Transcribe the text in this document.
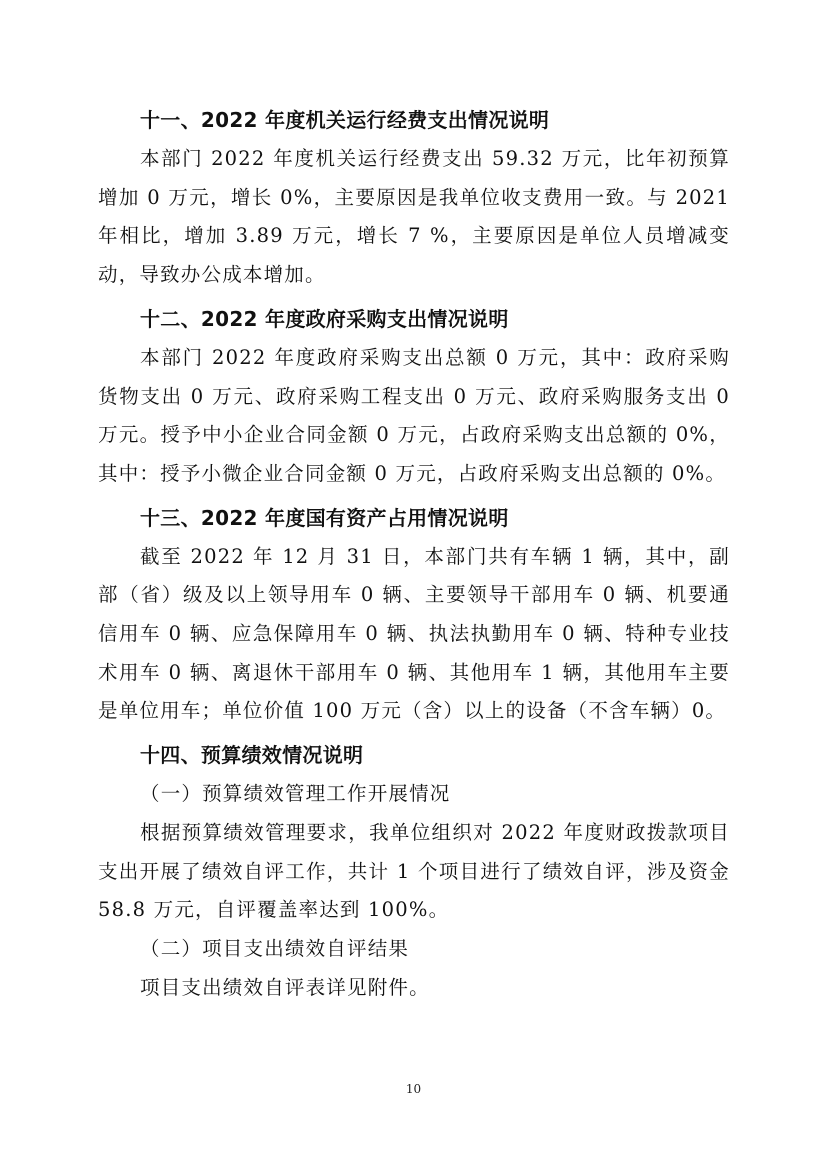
十一、2022 年度机关运行经费支出情况说明

本部门 2022 年度机关运行经费支出 59.32 万元，比年初预算增加 0 万元，增长 0%，主要原因是我单位收支费用一致。与 2021 年相比，增加 3.89 万元，增长 7 %，主要原因是单位人员增减变动，导致办公成本增加。

十二、2022 年度政府采购支出情况说明

本部门 2022 年度政府采购支出总额 0 万元，其中：政府采购货物支出 0 万元、政府采购工程支出 0 万元、政府采购服务支出 0 万元。授予中小企业合同金额 0 万元，占政府采购支出总额的 0%，其中：授予小微企业合同金额 0 万元，占政府采购支出总额的 0%。

十三、2022 年度国有资产占用情况说明

截至 2022 年 12 月 31 日，本部门共有车辆 1 辆，其中，副部（省）级及以上领导用车 0 辆、主要领导干部用车 0 辆、机要通信用车 0 辆、应急保障用车 0 辆、执法执勤用车 0 辆、特种专业技术用车 0 辆、离退休干部用车 0 辆、其他用车 1 辆，其他用车主要是单位用车；单位价值 100 万元（含）以上的设备（不含车辆）0。

十四、预算绩效情况说明

（一）预算绩效管理工作开展情况

根据预算绩效管理要求，我单位组织对 2022 年度财政拨款项目支出开展了绩效自评工作，共计 1 个项目进行了绩效自评，涉及资金 58.8 万元，自评覆盖率达到 100%。

（二）项目支出绩效自评结果

项目支出绩效自评表详见附件。

10
